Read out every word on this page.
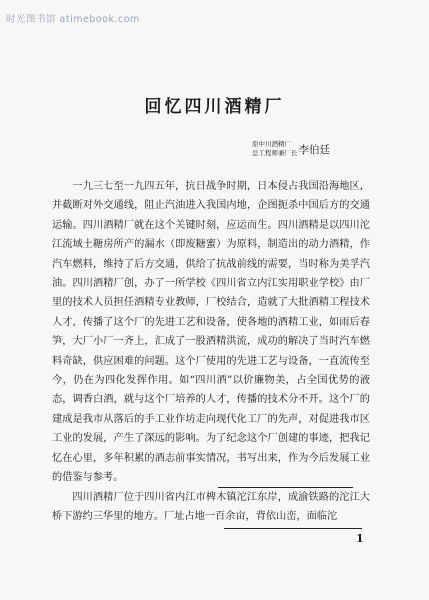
时光图书馆 atimebook.com
回忆四川酒精厂
原中川酒精厂
总工程师兼厂长 李伯廷

一九三七至一九四五年，抗日战争时期，日本侵占我国沿海地区，并截断对外交通线，阻止汽油进入我国内地，企图扼杀中国后方的交通运输。四川酒精厂就在这个关键时刻，应运而生。四川酒精是以四川沱江流域土糖房所产的漏水（即废糖蜜）为原料，制造出的动力酒精，作汽车燃料，维持了后方交通，供给了抗战前线的需要，当时称为美孚汽油。四川酒精厂创，办了一所学校《四川省立内江实用职业学校》由厂里的技术人员担任酒精专业教师，厂校结合，造就了大批酒精工程技术人才，传播了这个厂的先进工艺和设备，使各地的酒精工业，如雨后春笋，大厂小厂一齐上，汇成了一股酒精洪流，成功的解决了当时汽车燃料奇缺，供应困难的问题。这个厂使用的先进工艺与设备，一直流传至今，仍在为四化发挥作用。如“四川酒”以价廉物美，占全国优势的液态，调香白酒，就与这个厂培养的人才，传播的技术分不开。这个厂的建成是我市从落后的手工业作坊走向现代化工厂的先声，对促进我市区工业的发展，产生了深远的影响。为了纪念这个厂创建的事迹，把我记忆在心里，多年积累的酒志前事实情况，书写出来，作为今后发展工业的借鉴与参考。

四川酒精厂位于四川省内江市椑木镇沱江东岸，成渝铁路的沱江大桥下游约三华里的地方。厂址占地一百余亩，背依山峦，面临沱

1
